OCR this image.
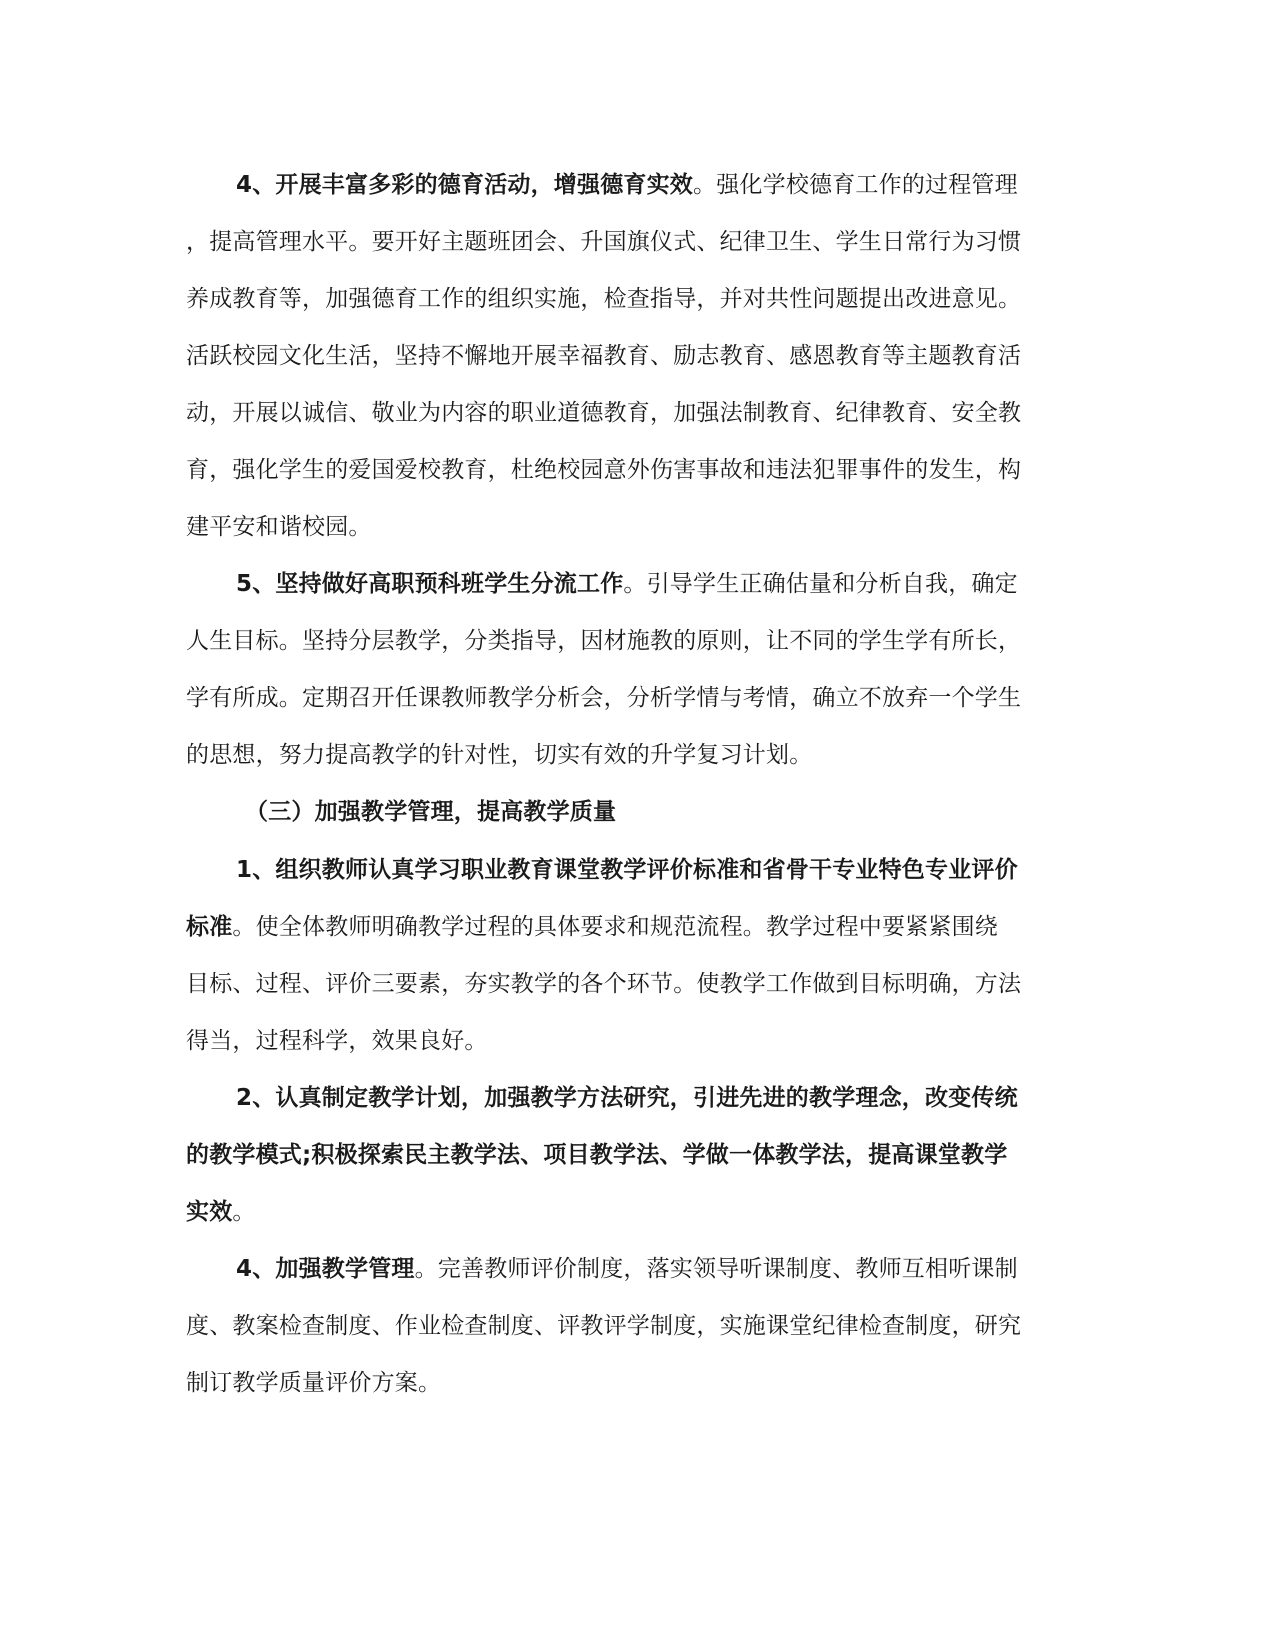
4、开展丰富多彩的德育活动，增强德育实效。强化学校德育工作的过程管理
，提高管理水平。要开好主题班团会、升国旗仪式、纪律卫生、学生日常行为习惯
养成教育等，加强德育工作的组织实施，检查指导，并对共性问题提出改进意见。
活跃校园文化生活，坚持不懈地开展幸福教育、励志教育、感恩教育等主题教育活
动，开展以诚信、敬业为内容的职业道德教育，加强法制教育、纪律教育、安全教
育，强化学生的爱国爱校教育，杜绝校园意外伤害事故和违法犯罪事件的发生，构
建平安和谐校园。
5、坚持做好高职预科班学生分流工作。引导学生正确估量和分析自我，确定
人生目标。坚持分层教学，分类指导，因材施教的原则，让不同的学生学有所长，
学有所成。定期召开任课教师教学分析会，分析学情与考情，确立不放弃一个学生
的思想，努力提高教学的针对性，切实有效的升学复习计划。
（三）加强教学管理，提高教学质量
1、组织教师认真学习职业教育课堂教学评价标准和省骨干专业特色专业评价
标准。使全体教师明确教学过程的具体要求和规范流程。教学过程中要紧紧围绕
目标、过程、评价三要素，夯实教学的各个环节。使教学工作做到目标明确，方法
得当，过程科学，效果良好。
2、认真制定教学计划，加强教学方法研究，引进先进的教学理念，改变传统
的教学模式;积极探索民主教学法、项目教学法、学做一体教学法，提高课堂教学
实效。
4、加强教学管理。完善教师评价制度，落实领导听课制度、教师互相听课制
度、教案检查制度、作业检查制度、评教评学制度，实施课堂纪律检查制度，研究
制订教学质量评价方案。
